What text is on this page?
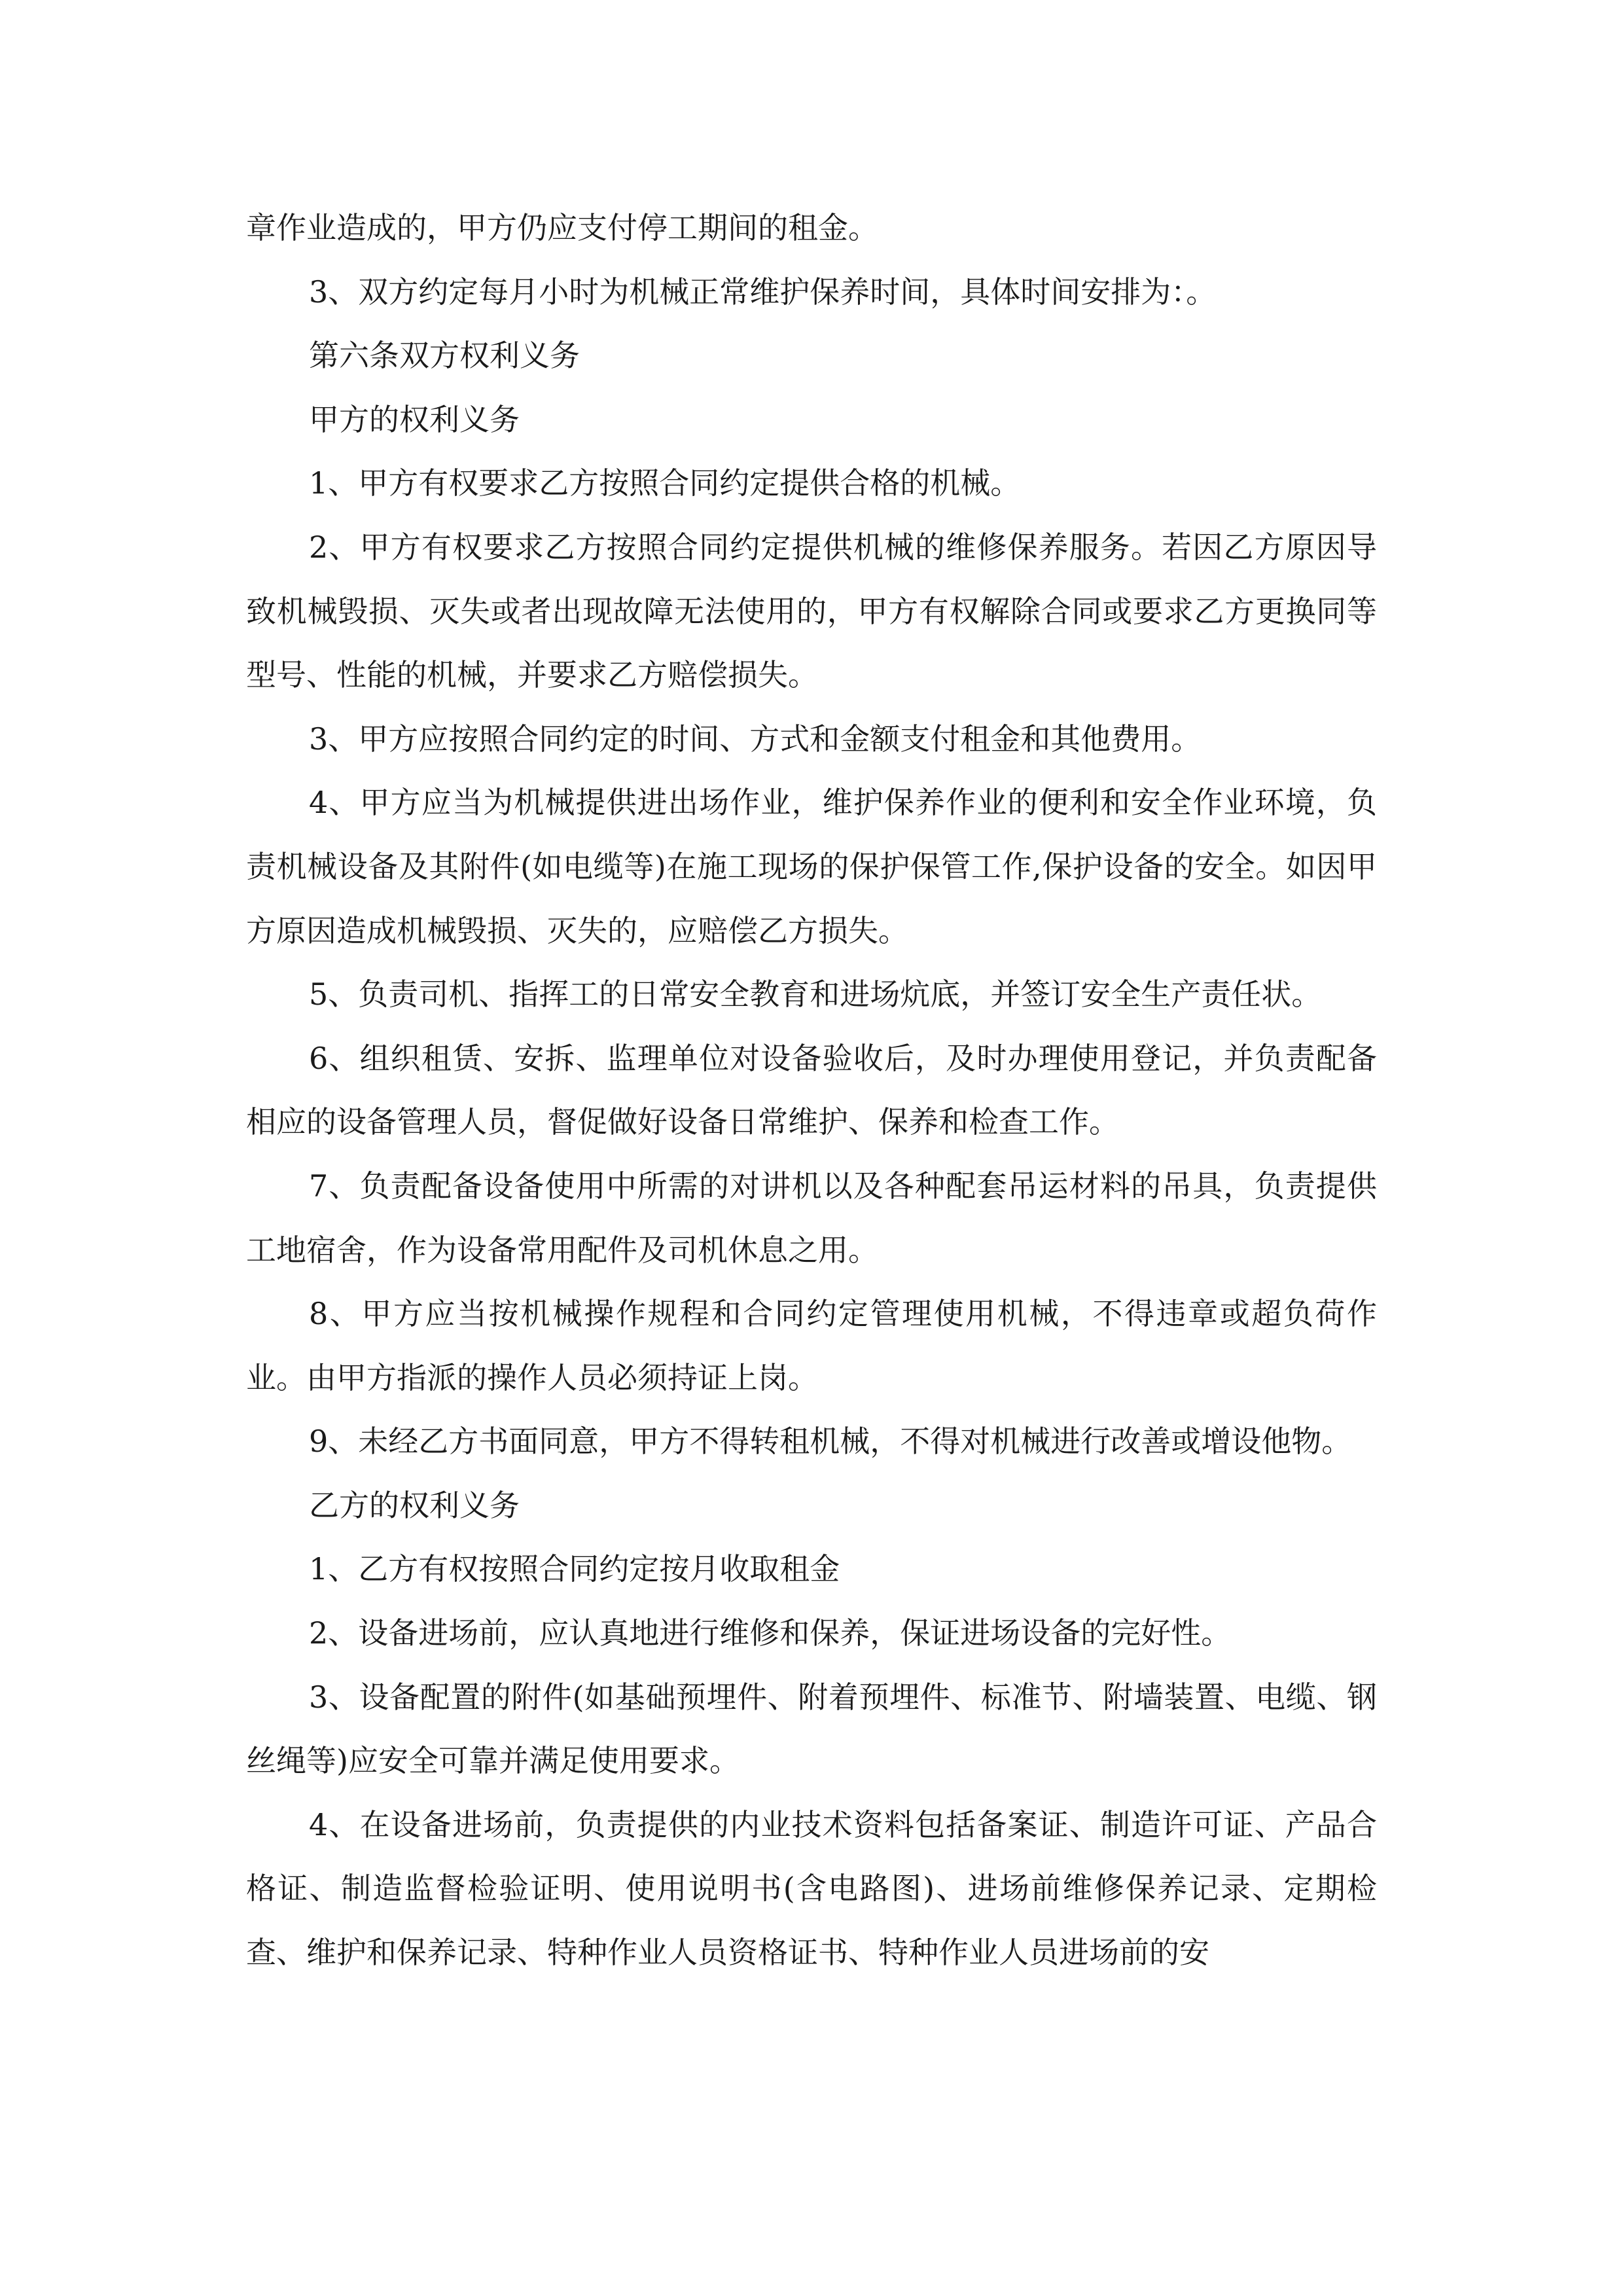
章作业造成的，甲方仍应支付停工期间的租金。

3、双方约定每月小时为机械正常维护保养时间，具体时间安排为：。

第六条双方权利义务

甲方的权利义务

1、甲方有权要求乙方按照合同约定提供合格的机械。

2、甲方有权要求乙方按照合同约定提供机械的维修保养服务。若因乙方原因导致机械毁损、灭失或者出现故障无法使用的，甲方有权解除合同或要求乙方更换同等型号、性能的机械，并要求乙方赔偿损失。

3、甲方应按照合同约定的时间、方式和金额支付租金和其他费用。

4、甲方应当为机械提供进出场作业，维护保养作业的便利和安全作业环境，负责机械设备及其附件(如电缆等)在施工现场的保护保管工作,保护设备的安全。如因甲方原因造成机械毁损、灭失的，应赔偿乙方损失。

5、负责司机、指挥工的日常安全教育和进场炕底，并签订安全生产责任状。

6、组织租赁、安拆、监理单位对设备验收后，及时办理使用登记，并负责配备相应的设备管理人员，督促做好设备日常维护、保养和检查工作。

7、负责配备设备使用中所需的对讲机以及各种配套吊运材料的吊具，负责提供工地宿舍，作为设备常用配件及司机休息之用。

8、甲方应当按机械操作规程和合同约定管理使用机械，不得违章或超负荷作业。由甲方指派的操作人员必须持证上岗。

9、未经乙方书面同意，甲方不得转租机械，不得对机械进行改善或增设他物。

乙方的权利义务

1、乙方有权按照合同约定按月收取租金

2、设备进场前，应认真地进行维修和保养，保证进场设备的完好性。

3、设备配置的附件(如基础预埋件、附着预埋件、标准节、附墙装置、电缆、钢丝绳等)应安全可靠并满足使用要求。

4、在设备进场前，负责提供的内业技术资料包括备案证、制造许可证、产品合格证、制造监督检验证明、使用说明书(含电路图)、进场前维修保养记录、定期检查、维护和保养记录、特种作业人员资格证书、特种作业人员进场前的安
